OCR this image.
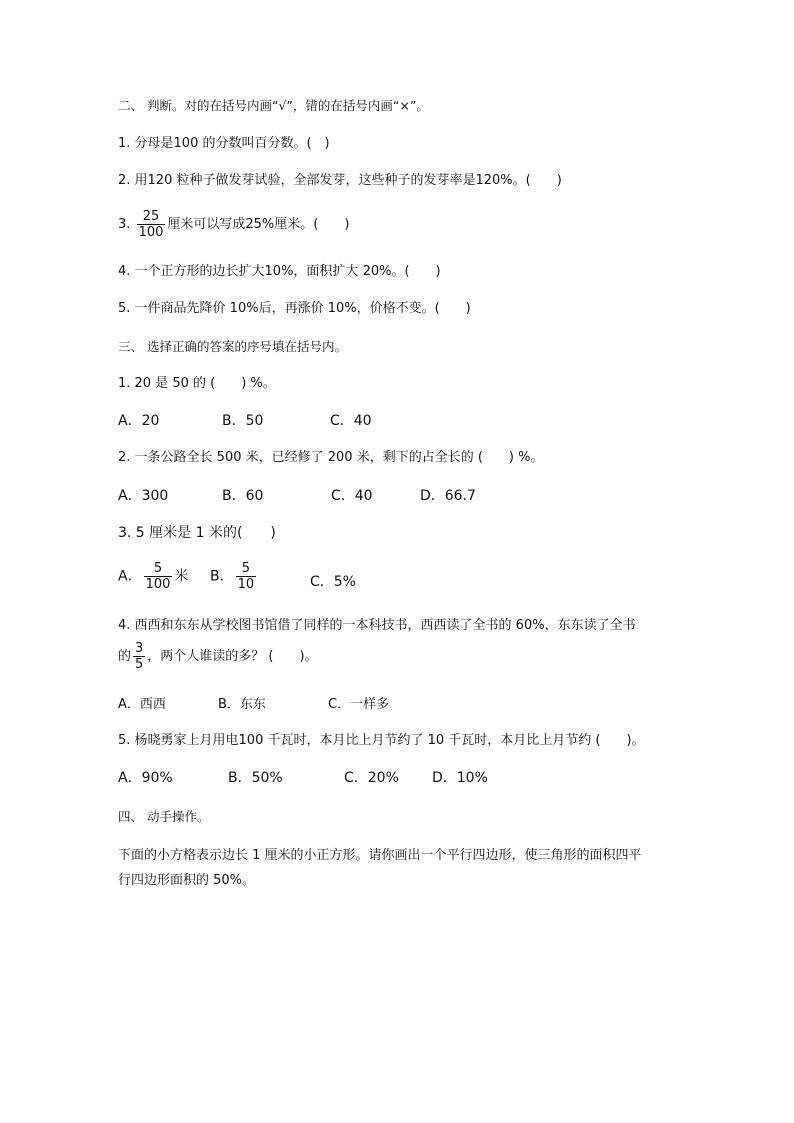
二、 判断。对的在括号内画“√”，错的在括号内画“×”。
1. 分母是100 的分数叫百分数。(　)
2. 用120 粒种子做发芽试验，全部发芽，这些种子的发芽率是120%。(　　)
3. $\frac{25}{100}$ 厘米可以写成25%厘米。(　　)
4. 一个正方形的边长扩大10%，面积扩大 20%。(　　)
5. 一件商品先降价 10%后，再涨价 10%，价格不变。(　　)
三、 选择正确的答案的序号填在括号内。
1. 20 是 50 的 (　　) %。
A．20	B．50	C．40
2. 一条公路全长 500 米，已经修了 200 米，剩下的占全长的 (　　) %。
A．300	B．60	C．40	D．66.7
3. 5 厘米是 1 米的(　　)
A． $\frac{5}{100}$ 米 B． $\frac{5}{10}$	C．5%
4. 西西和东东从学校图书馆借了同样的一本科技书，西西读了全书的 60%，东东读了全书
的 $\frac{3}{5}$ ，两个人谁读的多？ (　　)。
A．西西	B．东东	C．一样多
5. 杨晓勇家上月用电100 千瓦时，本月比上月节约了 10 千瓦时，本月比上月节约 (　　)。
A．90%	B．50%	C．20% D．10%
四、 动手操作。
下面的小方格表示边长 1 厘米的小正方形。请你画出一个平行四边形，使三角形的面积四平
行四边形面积的 50%。
